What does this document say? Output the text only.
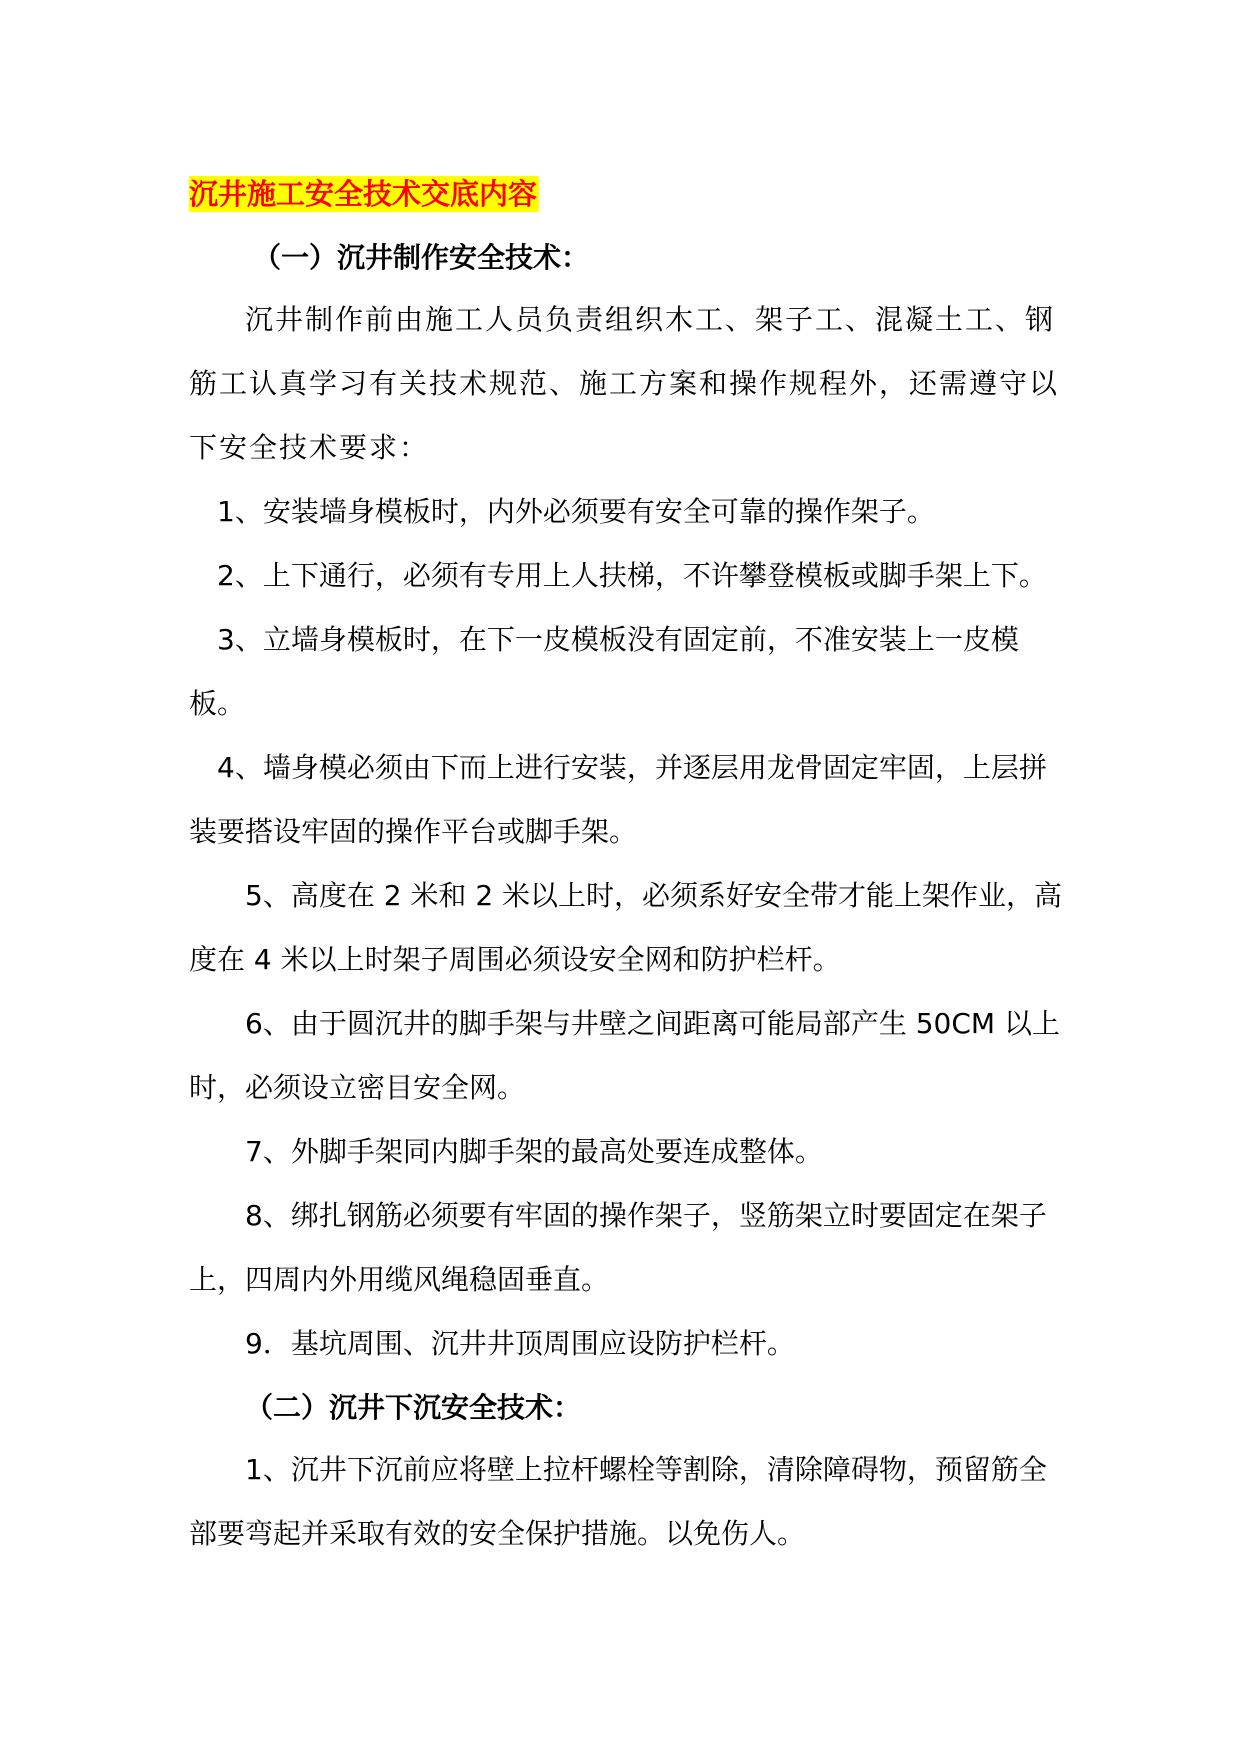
沉井施工安全技术交底内容
（一）沉井制作安全技术：

沉井制作前由施工人员负责组织木工、架子工、混凝土工、钢筋工认真学习有关技术规范、施工方案和操作规程外，还需遵守以下安全技术要求：

1、安装墙身模板时，内外必须要有安全可靠的操作架子。

2、上下通行，必须有专用上人扶梯，不许攀登模板或脚手架上下。

3、立墙身模板时，在下一皮模板没有固定前，不准安装上一皮模板。

4、墙身模必须由下而上进行安装，并逐层用龙骨固定牢固，上层拼装要搭设牢固的操作平台或脚手架。

5、高度在 2 米和 2 米以上时，必须系好安全带才能上架作业，高度在 4 米以上时架子周围必须设安全网和防护栏杆。

6、由于圆沉井的脚手架与井壁之间距离可能局部产生 50CM 以上时，必须设立密目安全网。

7、外脚手架同内脚手架的最高处要连成整体。

8、绑扎钢筋必须要有牢固的操作架子，竖筋架立时要固定在架子上，四周内外用缆风绳稳固垂直。

9．基坑周围、沉井井顶周围应设防护栏杆。

（二）沉井下沉安全技术：

1、沉井下沉前应将壁上拉杆螺栓等割除，清除障碍物，预留筋全部要弯起并采取有效的安全保护措施。以免伤人。
